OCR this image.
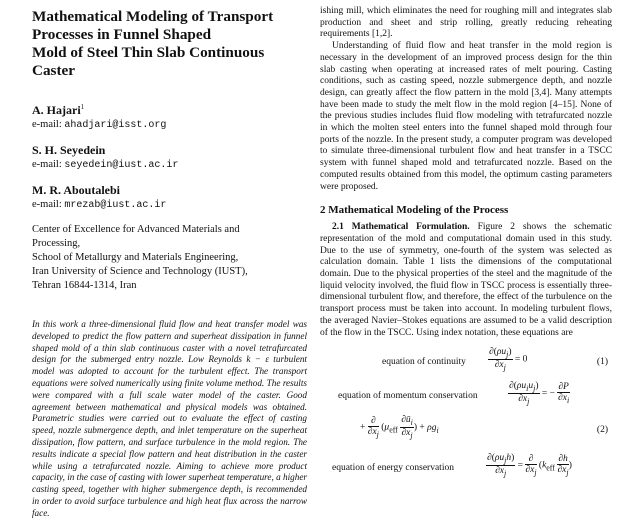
Mathematical Modeling of Transport
Processes in Funnel Shaped
Mold of Steel Thin Slab Continuous
Caster
A. Hajari$^1$
e-mail: ahadjari@isst.org
S. H. Seyedein
e-mail: seyedein@iust.ac.ir
M. R. Aboutalebi
e-mail: mrezab@iust.ac.ir
Center of Excellence for Advanced Materials and
Processing,
School of Metallurgy and Materials Engineering,
Iran University of Science and Technology (IUST),
Tehran 16844-1314, Iran
In this work a three-dimensional fluid flow and heat transfer model was developed to predict the flow pattern and superheat dissipation in funnel shaped mold of a thin slab continuous caster with a novel tetrafurcated design for the submerged entry nozzle. Low Reynolds k − ε turbulent model was adopted to account for the turbulent effect. The transport equations were solved numerically using finite volume method. The results were compared with a full scale water model of the caster. Good agreement between mathematical and physical models was obtained. Parametric studies were carried out to evaluate the effect of casting speed, nozzle submergence depth, and inlet temperature on the superheat dissipation, flow pattern, and surface turbulence in the mold region. The results indicate a special flow pattern and heat distribution in the caster while using a tetrafurcated nozzle. Aiming to achieve more product capacity, in the case of casting with lower superheat temperature, a higher casting speed, together with higher submergence depth, is recommended in order to avoid surface turbulence and high heat flux across the narrow face.

ishing mill, which eliminates the need for roughing mill and integrates slab production and sheet and strip rolling, greatly reducing reheating requirements [1,2].

Understanding of fluid flow and heat transfer in the mold region is necessary in the development of an improved process design for the thin slab casting when operating at increased rates of melt pouring. Casting conditions, such as casting speed, nozzle submergence depth, and nozzle design, can greatly affect the flow pattern in the mold [3,4]. Many attempts have been made to study the melt flow in the mold region [4–15]. None of the previous studies includes fluid flow modeling with tetrafurcated nozzle in which the molten steel enters into the funnel shaped mold through four ports of the nozzle. In the present study, a computer program was developed to simulate three-dimensional turbulent flow and heat transfer in a TSCC system with funnel shaped mold and tetrafurcated nozzle. Based on the computed results obtained from this model, the optimum casting parameters were proposed.

2 Mathematical Modeling of the Process

2.1 Mathematical Formulation. Figure 2 shows the schematic representation of the mold and computational domain used in this study. Due to the use of symmetry, one-fourth of the system was selected as calculation domain. Table 1 lists the dimensions of the computational domain. Due to the physical properties of the steel and the magnitude of the liquid velocity involved, the fluid flow in TSCC process is essentially three-dimensional turbulent flow, and therefore, the effect of the turbulence on the transport process must be taken into account. In modeling turbulent flows, the averaged Navier–Stokes equations are assumed to be a valid description of the flow in the TSCC. Using index notation, these equations are

equation of continuity $\frac{\partial(\rho u_j)}{\partial x_j} = 0$	(1)
equation of momentum conservation	$\frac{\partial(\rho u_iu_j)}{\partial x_j}$ = − $\frac{\partial P}{\partial x_i}$
+ $\frac{\partial}{\partial x_j} (\mu_{eff} \frac{\partial ū_i}{\partial x_j}$ ) + $\rho g_i$	(2)
equation of energy conservation	$\frac{\partial(\rho u_jh)}{\partial x_j} = \frac{\partial}{\partial x_j} (k_{eff} \frac{\partial h}{\partial x_j}$ )
